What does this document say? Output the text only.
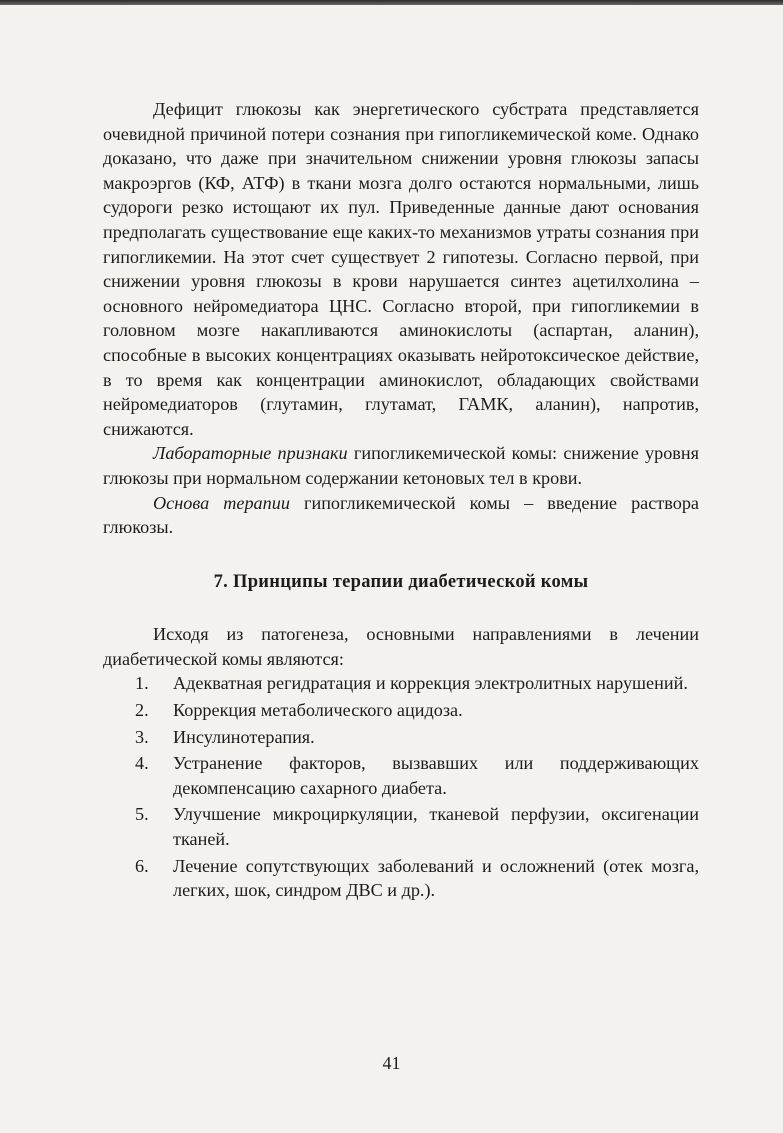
Дефицит глюкозы как энергетического субстрата представляется очевидной причиной потери сознания при гипогликемической коме. Однако доказано, что даже при значительном снижении уровня глюкозы запасы макроэргов (КФ, АТФ) в ткани мозга долго остаются нормальными, лишь судороги резко истощают их пул. Приведенные данные дают основания предполагать существование еще каких-то механизмов утраты сознания при гипогликемии. На этот счет существует 2 гипотезы. Согласно первой, при снижении уровня глюкозы в крови нарушается синтез ацетилхолина – основного нейромедиатора ЦНС. Согласно второй, при гипогликемии в головном мозге накапливаются аминокислоты (аспартан, аланин), способные в высоких концентрациях оказывать нейротоксическое действие, в то время как концентрации аминокислот, обладающих свойствами нейромедиаторов (глутамин, глутамат, ГАМК, аланин), напротив, снижаются.

Лабораторные признаки гипогликемической комы: снижение уровня глюкозы при нормальном содержании кетоновых тел в крови.

Основа терапии гипогликемической комы – введение раствора глюкозы.

7. Принципы терапии диабетической комы

Исходя из патогенеза, основными направлениями в лечении диабетической комы являются:

1. Адекватная регидратация и коррекция электролитных нарушений.
2. Коррекция метаболического ацидоза.
3. Инсулинотерапия.
4. Устранение факторов, вызвавших или поддерживающих декомпенсацию сахарного диабета.
5. Улучшение микроциркуляции, тканевой перфузии, оксигенации тканей.
6. Лечение сопутствующих заболеваний и осложнений (отек мозга, легких, шок, синдром ДВС и др.).
41
